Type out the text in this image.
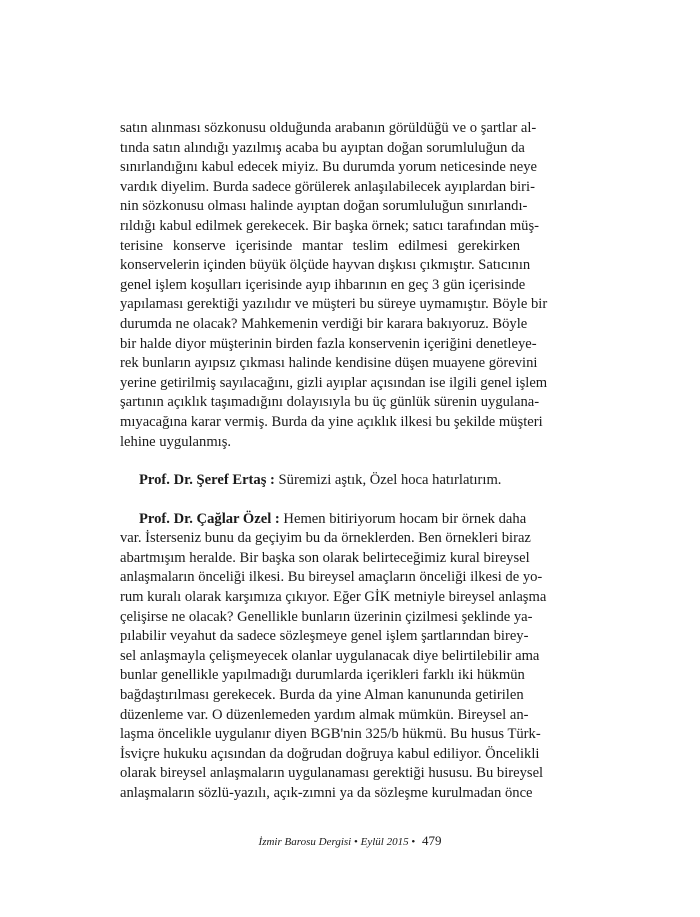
satın alınması sözkonusu olduğunda arabanın görüldüğü ve o şartlar al-
tında satın alındığı yazılmış acaba bu ayıptan doğan sorumluluğun da
sınırlandığını kabul edecek miyiz. Bu durumda yorum neticesinde neye
vardık diyelim. Burda sadece görülerek anlaşılabilecek ayıplardan biri-
nin sözkonusu olması halinde ayıptan doğan sorumluluğun sınırlandı-
rıldığı kabul edilmek gerekecek. Bir başka örnek; satıcı tarafından müş-
terisine konserve içerisinde mantar teslim edilmesi gerekirken
konservelerin içinden büyük ölçüde hayvan dışkısı çıkmıştır. Satıcının
genel işlem koşulları içerisinde ayıp ihbarının en geç 3 gün içerisinde
yapılaması gerektiği yazılıdır ve müşteri bu süreye uymamıştır. Böyle bir
durumda ne olacak? Mahkemenin verdiği bir karara bakıyoruz. Böyle
bir halde diyor müşterinin birden fazla konservenin içeriğini denetleye-
rek bunların ayıpsız çıkması halinde kendisine düşen muayene görevini
yerine getirilmiş sayılacağını, gizli ayıplar açısından ise ilgili genel işlem
şartının açıklık taşımadığını dolayısıyla bu üç günlük sürenin uygulana-
mıyacağına karar vermiş. Burda da yine açıklık ilkesi bu şekilde müşteri
lehine uygulanmış.
Prof. Dr. Şeref Ertaş : Süremizi aştık, Özel hoca hatırlatırım.
Prof. Dr. Çağlar Özel : Hemen bitiriyorum hocam bir örnek daha
var. İsterseniz bunu da geçiyim bu da örneklerden. Ben örnekleri biraz
abartmışım heralde. Bir başka son olarak belirteceğimiz kural bireysel
anlaşmaların önceliği ilkesi. Bu bireysel amaçların önceliği ilkesi de yo-
rum kuralı olarak karşımıza çıkıyor. Eğer GİK metniyle bireysel anlaşma
çelişirse ne olacak? Genellikle bunların üzerinin çizilmesi şeklinde ya-
pılabilir veyahut da sadece sözleşmeye genel işlem şartlarından birey-
sel anlaşmayla çelişmeyecek olanlar uygulanacak diye belirtilebilir ama
bunlar genellikle yapılmadığı durumlarda içerikleri farklı iki hükmün
bağdaştırılması gerekecek. Burda da yine Alman kanununda getirilen
düzenleme var. O düzenlemeden yardım almak mümkün. Bireysel an-
laşma öncelikle uygulanır diyen BGB'nin 325/b hükmü. Bu husus Türk-
İsviçre hukuku açısından da doğrudan doğruya kabul ediliyor. Öncelikli
olarak bireysel anlaşmaların uygulanaması gerektiği hususu. Bu bireysel
anlaşmaların sözlü-yazılı, açık-zımni ya da sözleşme kurulmadan önce
İzmir Barosu Dergisi • Eylül 2015 • 479
